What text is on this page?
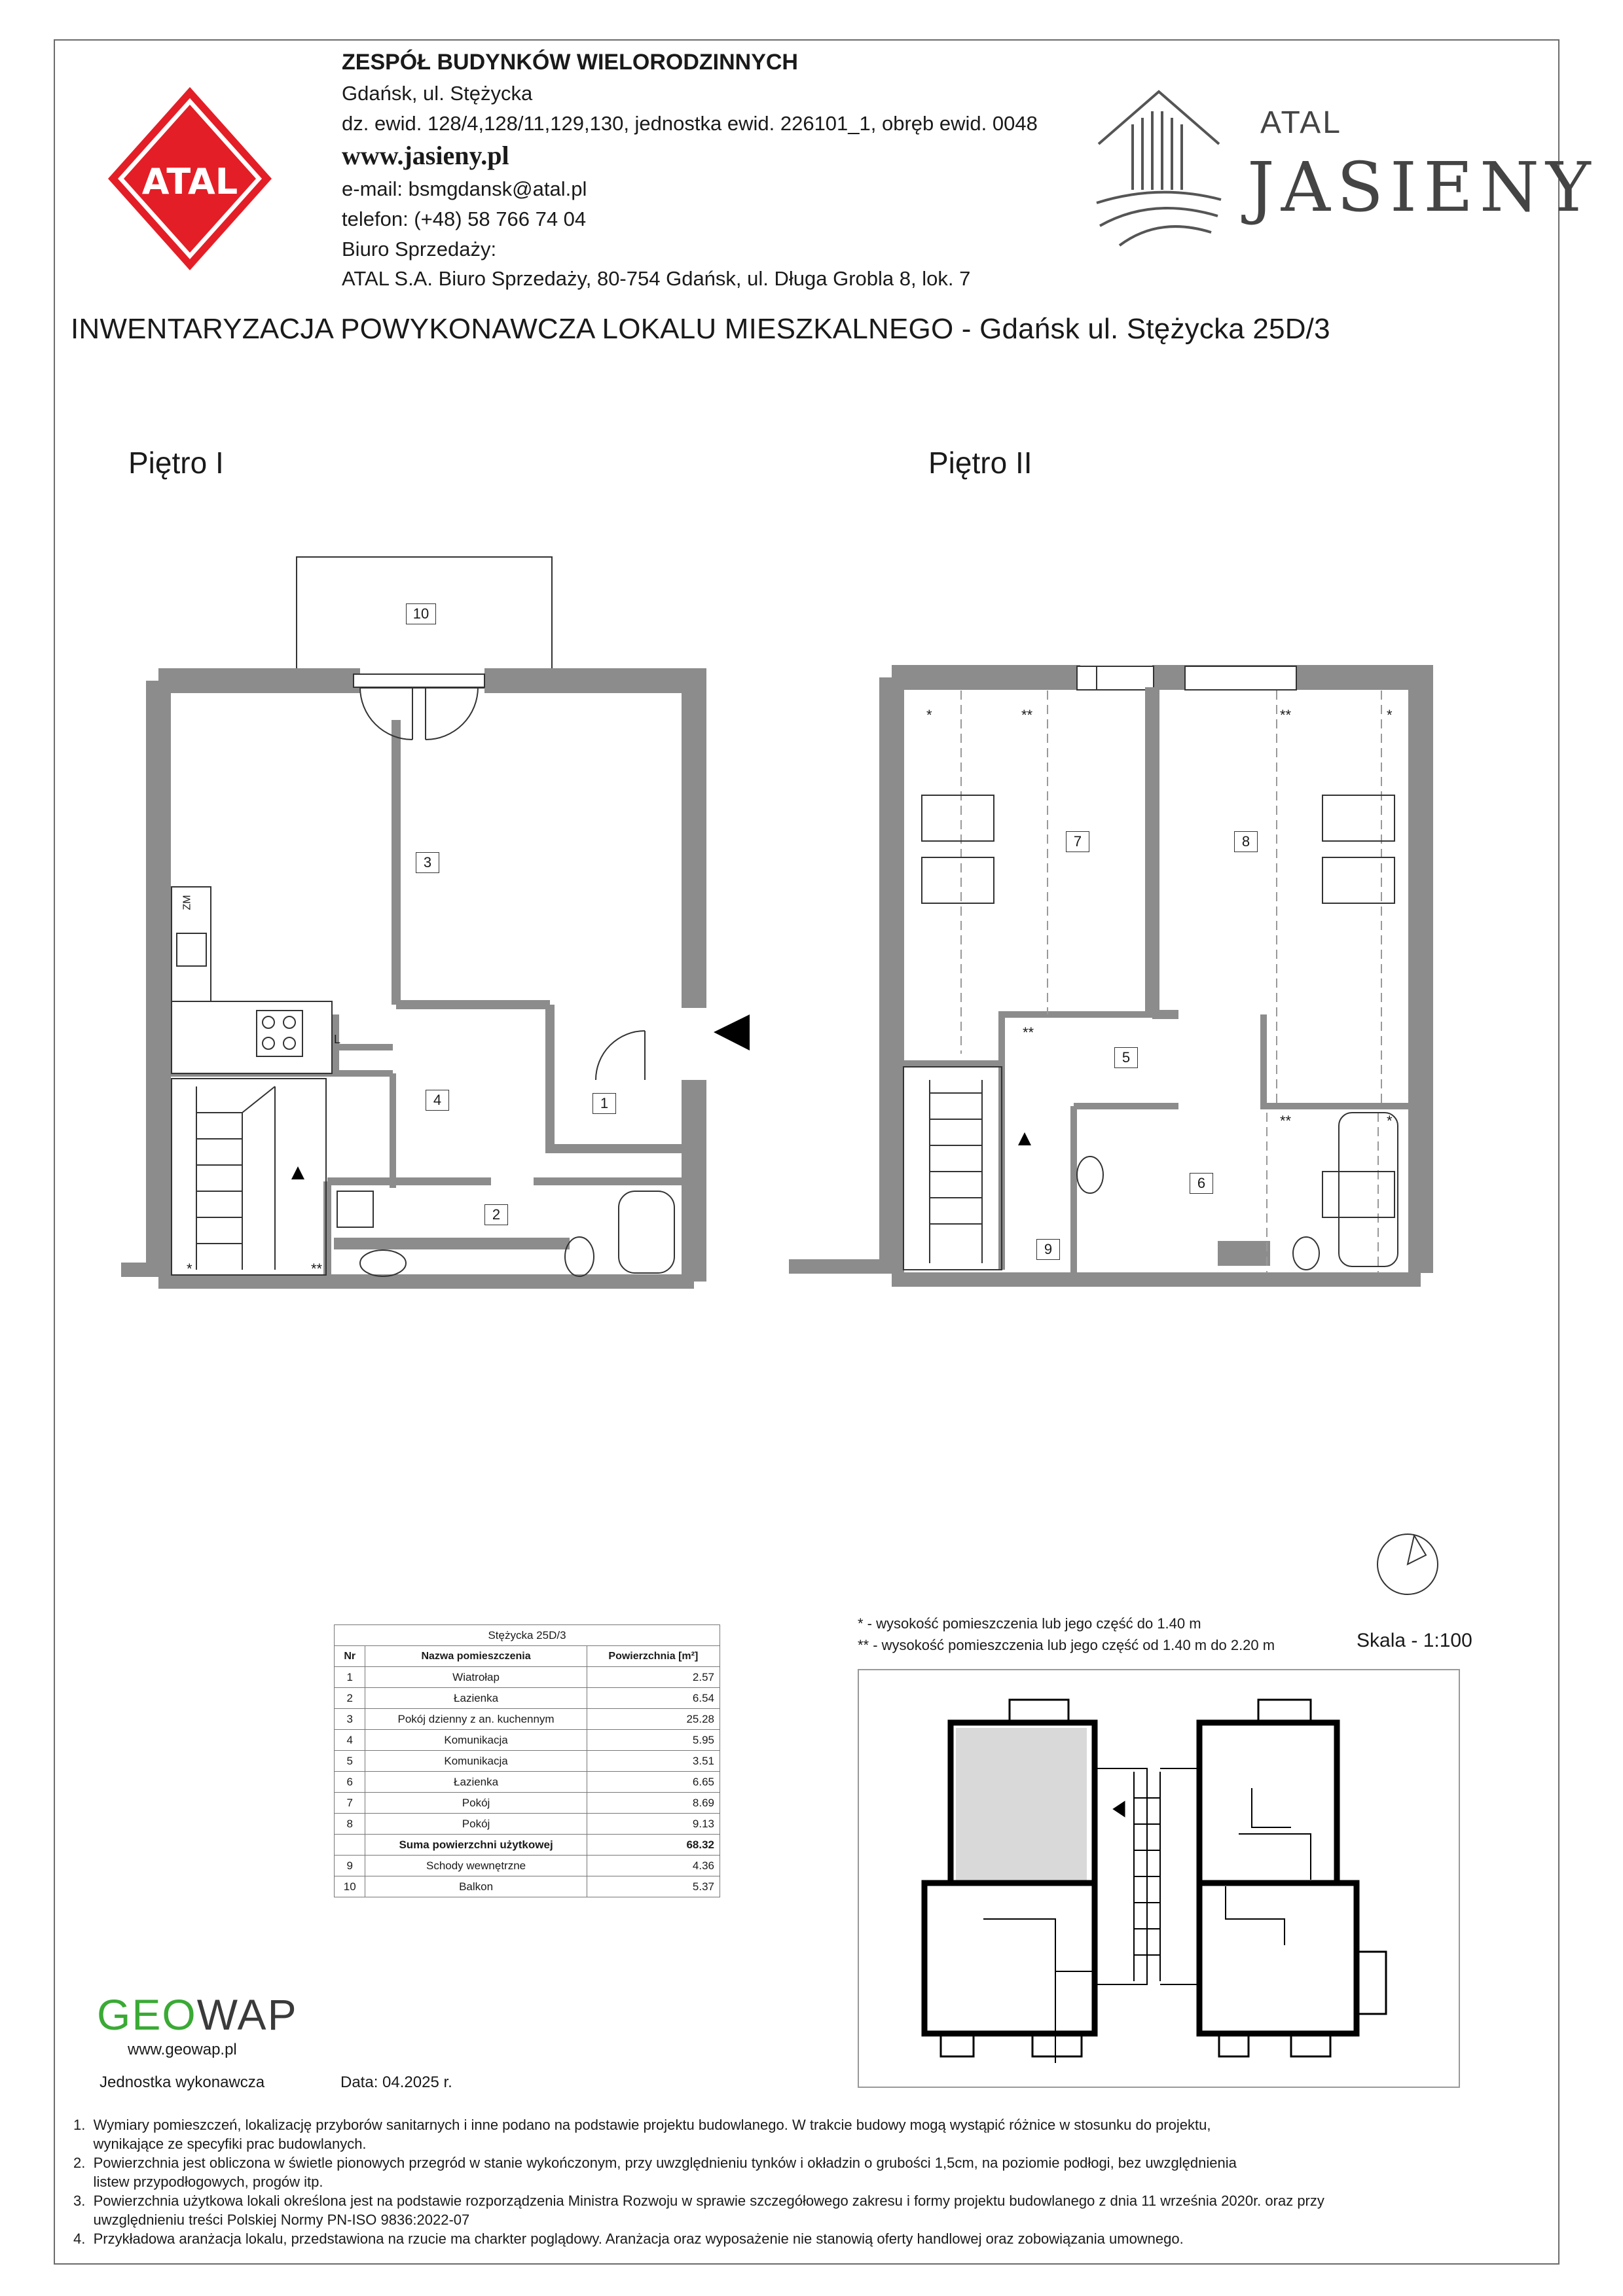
ATAL
ZESPÓŁ BUDYNKÓW WIELORODZINNYCH
Gdańsk, ul. Stężycka
dz. ewid. 128/4,128/11,129,130, jednostka ewid. 226101_1, obręb ewid. 0048
www.jasieny.pl
e-mail: bsmgdansk@atal.pl
telefon: (+48) 58 766 74 04
Biuro Sprzedaży:
ATAL S.A. Biuro Sprzedaży, 80-754 Gdańsk, ul. Długa Grobla 8, lok. 7
ATAL
JASIENY
INWENTARYZACJA POWYKONAWCZA LOKALU MIESZKALNEGO - Gdańsk ul. Stężycka 25D/3
Piętro I	Piętro II
10
3
4	1
2
ZM
L
*	**
7	8
5
6
9
*	**	**	*
**
**	*
Stężycka 25D/3		
Nr	Nazwa pomieszczenia	Powierzchnia [m²]
1	Wiatrołap	2.57
2	Łazienka	6.54
3	Pokój dzienny z an. kuchennym	25.28
4	Komunikacja	5.95
5	Komunikacja	3.51
6	Łazienka	6.65
7	Pokój	8.69
8	Pokój	9.13
	Suma powierzchni użytkowej	68.32
9	Schody wewnętrzne	4.36
10	Balkon	5.37
* - wysokość pomieszczenia lub jego część do 1.40 m
** - wysokość pomieszczenia lub jego część od 1.40 m do 2.20 m	Skala - 1:100
GEOWAP
www.geowap.pl
Jednostka wykonawcza	Data: 04.2025 r.
1.  Wymiary pomieszczeń, lokalizację przyborów sanitarnych i inne podano na podstawie projektu budowlanego. W trakcie budowy mogą wystąpić różnice w stosunku do projektu,
wynikające ze specyfiki prac budowlanych.
2.  Powierzchnia jest obliczona w świetle pionowych przegród w stanie wykończonym, przy uwzględnieniu tynków i okładzin o grubości 1,5cm, na poziomie podłogi, bez uwzględnienia
listew przypodłogowych, progów itp.
3.  Powierzchnia użytkowa lokali określona jest na podstawie rozporządzenia Ministra Rozwoju w sprawie szczegółowego zakresu i formy projektu budowlanego z dnia 11 września 2020r. oraz przy
uwzględnieniu treści Polskiej Normy PN-ISO 9836:2022-07
4.  Przykładowa aranżacja lokalu, przedstawiona na rzucie ma charkter poglądowy. Aranżacja oraz wyposażenie nie stanowią oferty handlowej oraz zobowiązania umownego.
